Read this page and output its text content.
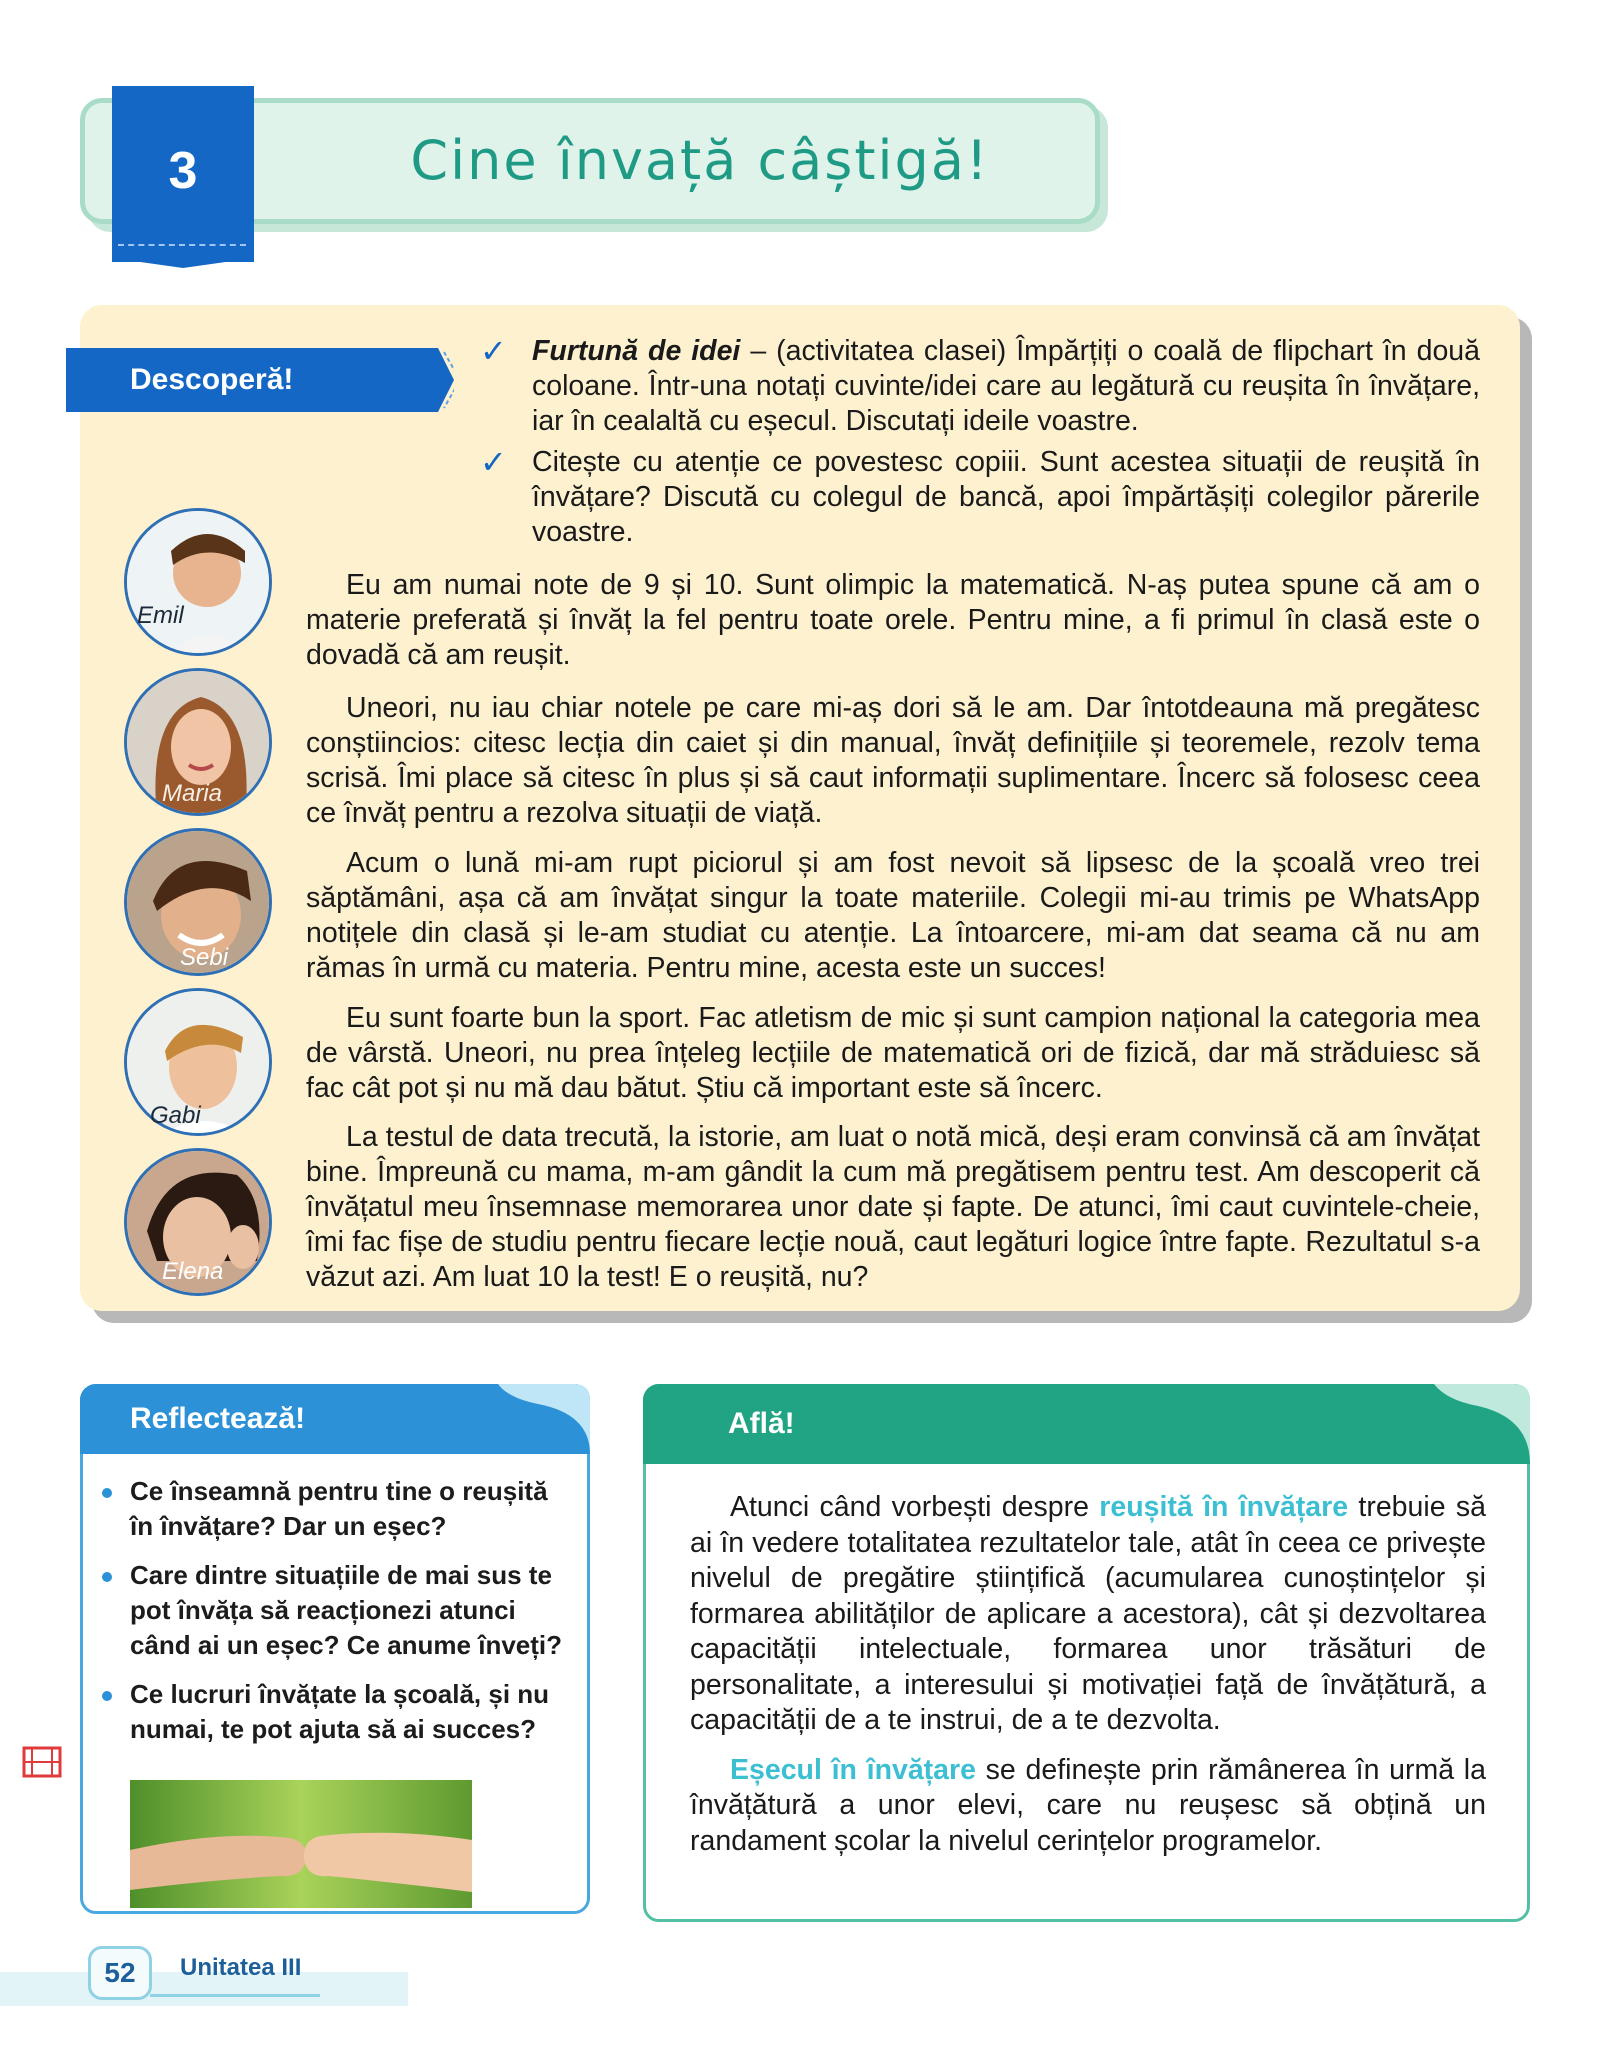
Cine învață câștigă!
3
Descoperă!
✓ Furtună de idei – (activitatea clasei) Împărțiți o coală de flipchart în două coloane. Într-una notați cuvinte/idei care au legătură cu reușita în învățare, iar în cealaltă cu eșecul. Discutați ideile voastre.
✓ Citește cu atenție ce povestesc copiii. Sunt acestea situații de reușită în învățare? Discută cu colegul de bancă, apoi împărtășiți colegilor părerile voastre.
Eu am numai note de 9 și 10. Sunt olimpic la matematică. N-aș putea spune că am o materie preferată și învăț la fel pentru toate orele. Pentru mine, a fi primul în clasă este o dovadă că am reușit.
Uneori, nu iau chiar notele pe care mi-aș dori să le am. Dar întotdeauna mă pregătesc conștiincios: citesc lecția din caiet și din manual, învăț definițiile și teoremele, rezolv tema scrisă. Îmi place să citesc în plus și să caut informații suplimentare. Încerc să folosesc ceea ce învăț pentru a rezolva situații de viață.
Acum o lună mi-am rupt piciorul și am fost nevoit să lipsesc de la școală vreo trei săptămâni, așa că am învățat singur la toate materiile. Colegii mi-au trimis pe WhatsApp notițele din clasă și le-am studiat cu atenție. La întoarcere, mi-am dat seama că nu am rămas în urmă cu materia. Pentru mine, acesta este un succes!
Eu sunt foarte bun la sport. Fac atletism de mic și sunt campion național la categoria mea de vârstă. Uneori, nu prea înțeleg lecțiile de matematică ori de fizică, dar mă străduiesc să fac cât pot și nu mă dau bătut. Știu că important este să încerc.
La testul de data trecută, la istorie, am luat o notă mică, deși eram convinsă că am învățat bine. Împreună cu mama, m-am gândit la cum mă pregătisem pentru test. Am descoperit că învățatul meu însemnase memorarea unor date și fapte. De atunci, îmi caut cuvintele-cheie, îmi fac fișe de studiu pentru fiecare lecție nouă, caut legături logice între fapte. Rezultatul s-a văzut azi. Am luat 10 la test! E o reușită, nu?
Emil
Maria
Sebi
Gabi
Elena
Reflectează!
Ce înseamnă pentru tine o reușită în învățare? Dar un eșec?
Care dintre situațiile de mai sus te pot învăța să reacționezi atunci când ai un eșec? Ce anume înveți?
Ce lucruri învățate la școală, și nu numai, te pot ajuta să ai succes?
Află!

Atunci când vorbești despre reușită în învățare trebuie să ai în vedere totalitatea rezultatelor tale, atât în ceea ce privește nivelul de pregătire științifică (acumularea cunoștințelor și formarea abilităților de aplicare a acestora), cât și dezvoltarea capacității intelectuale, formarea unor trăsături de personalitate, a interesului și motivației față de învățătură, a capacității de a te instrui, de a te dezvolta.

Eșecul în învățare se definește prin rămânerea în urmă la învățătură a unor elevi, care nu reușesc să obțină un randament școlar la nivelul cerințelor programelor.

52	Unitatea III
